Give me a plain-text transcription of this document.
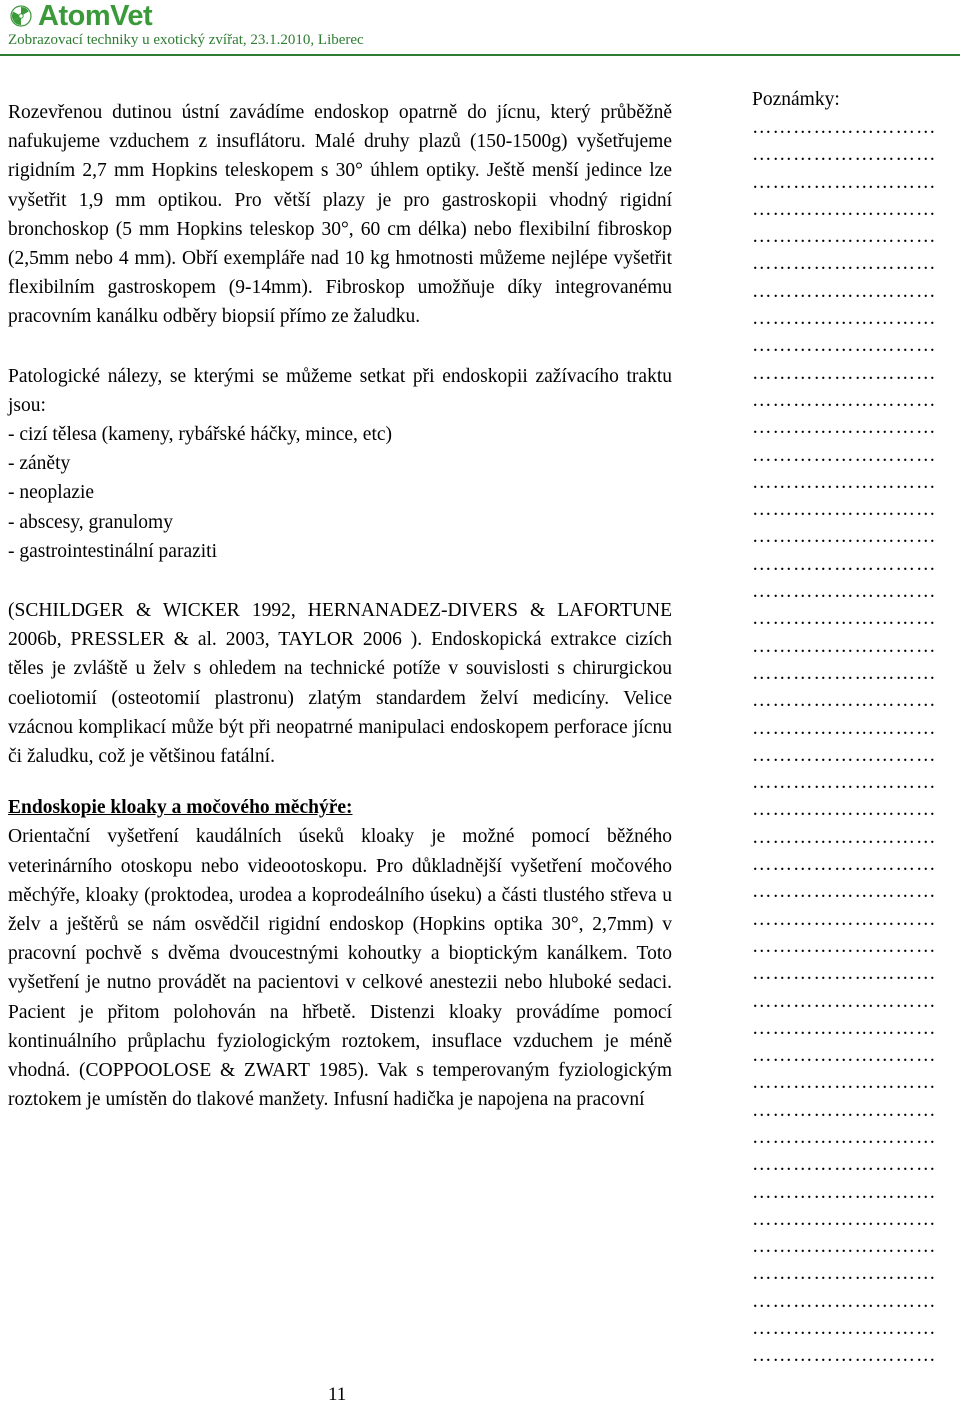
AtomVet
Zobrazovací techniky u exotický zvířat, 23.1.2010, Liberec

Rozevřenou dutinou ústní zavádíme endoskop opatrně do jícnu, který průběžně nafukujeme vzduchem z insuflátoru. Malé druhy plazů (150-1500g) vyšetřujeme rigidním 2,7 mm Hopkins teleskopem s 30° úhlem optiky. Ještě menší jedince lze vyšetřit 1,9 mm optikou. Pro větší plazy je pro gastroskopii vhodný rigidní bronchoskop (5 mm Hopkins teleskop 30°, 60 cm délka) nebo flexibilní fibroskop (2,5mm nebo 4 mm). Obří exempláře nad 10 kg hmotnosti můžeme nejlépe vyšetřit flexibilním gastroskopem (9-14mm). Fibroskop umožňuje díky integrovanému pracovním kanálku odběry biopsií přímo ze žaludku.

Patologické nálezy, se kterými se můžeme setkat při endoskopii zažívacího traktu jsou:

- cizí tělesa (kameny, rybářské háčky, mince, etc)
- záněty
- neoplazie
- abscesy, granulomy
- gastrointestinální paraziti

(SCHILDGER & WICKER 1992, HERNANADEZ-DIVERS & LAFORTUNE 2006b, PRESSLER & al. 2003, TAYLOR 2006 ). Endoskopická extrakce cizích těles je zvláště u želv s ohledem na technické potíže v souvislosti s chirurgickou coeliotomií (osteotomií plastronu) zlatým standardem želví medicíny. Velice vzácnou komplikací může být při neopatrné manipulaci endoskopem perforace jícnu či žaludku, což je většinou fatální.

Endoskopie kloaky a močového měchýře:

Orientační vyšetření kaudálních úseků kloaky je možné pomocí běžného veterinárního otoskopu nebo videootoskopu. Pro důkladnější vyšetření močového měchýře, kloaky (proktodea, urodea a koprodeálního úseku) a části tlustého střeva u želv a ještěrů se nám osvědčil rigidní endoskop (Hopkins optika 30°, 2,7mm) v pracovní pochvě s dvěma dvoucestnými kohoutky a bioptickým kanálkem. Toto vyšetření je nutno provádět na pacientovi v celkové anestezii nebo hluboké sedaci. Pacient je přitom polohován na hřbetě. Distenzi kloaky provádíme pomocí kontinuálního průplachu fyziologickým roztokem, insuflace vzduchem je méně vhodná. (COPPOOLOSE & ZWART 1985). Vak s temperovaným fyziologickým roztokem je umístěn do tlakové manžety. Infusní hadička je napojena na pracovní

Poznámky:
………………………
………………………
………………………
………………………
………………………
………………………
………………………
………………………
………………………
………………………
………………………
………………………
………………………
………………………
………………………
………………………
………………………
………………………
………………………
………………………
………………………
………………………
………………………
………………………
………………………
………………………
………………………
………………………
………………………
………………………
………………………
………………………
………………………
………………………
………………………
………………………
………………………
………………………
………………………
………………………
………………………
………………………
………………………
………………………
………………………
………………………
11
